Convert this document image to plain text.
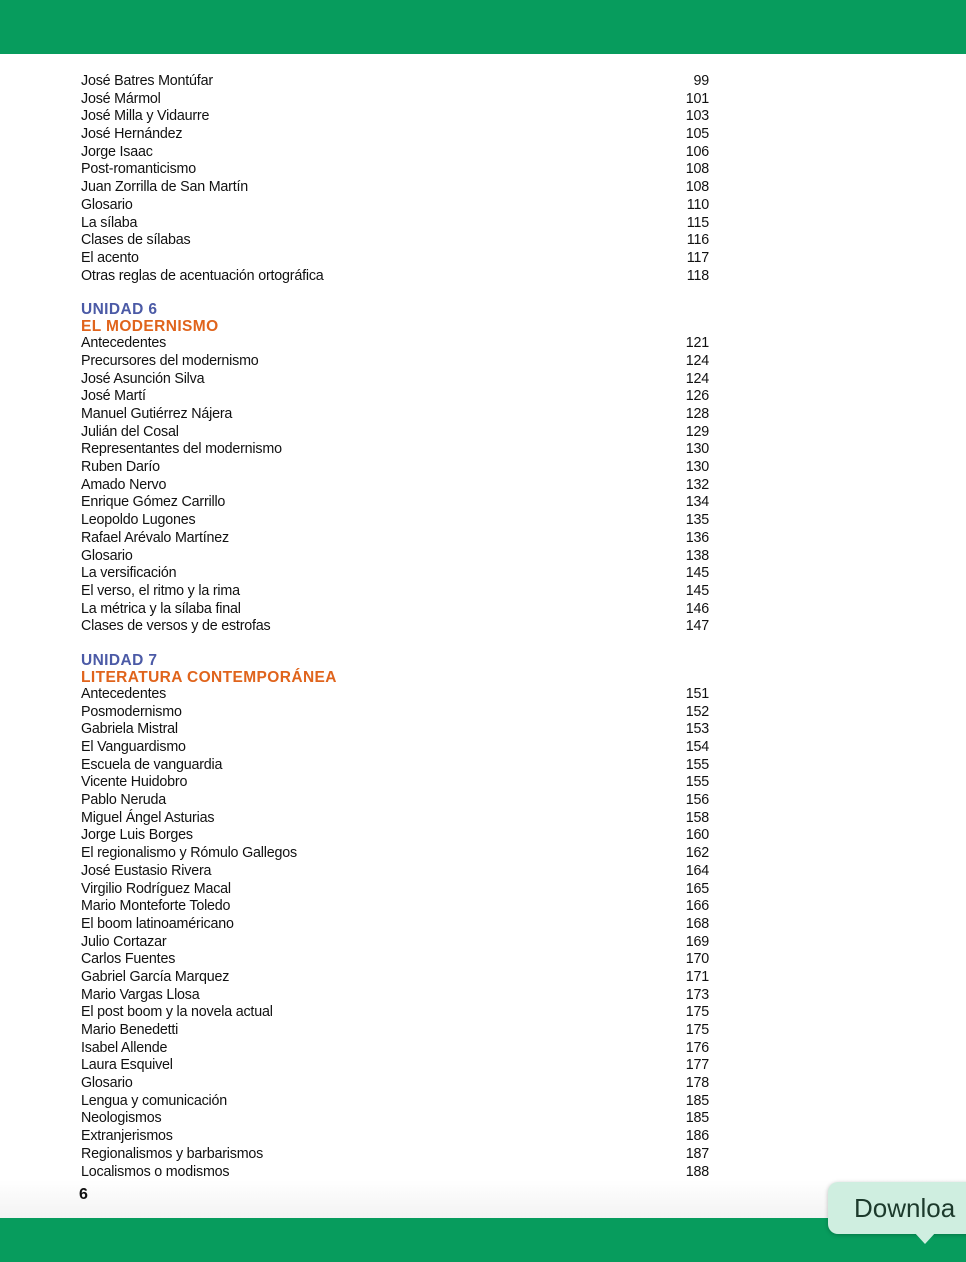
José Batres Montúfar	99
José Mármol	101
José Milla y Vidaurre	103
José Hernández	105
Jorge Isaac	106
Post-romanticismo	108
Juan Zorrilla de San Martín	108
Glosario	110
La sílaba	115
Clases de sílabas	116
El acento	117
Otras reglas de acentuación ortográfica	118
UNIDAD 6
EL MODERNISMO
Antecedentes	121
Precursores del modernismo	124
José Asunción Silva	124
José Martí	126
Manuel Gutiérrez Nájera	128
Julián del Cosal	129
Representantes del modernismo	130
Ruben Darío	130
Amado Nervo	132
Enrique Gómez Carrillo	134
Leopoldo Lugones	135
Rafael Arévalo Martínez	136
Glosario	138
La versificación	145
El verso, el ritmo y la rima	145
La métrica y la sílaba final	146
Clases de versos y de estrofas	147
UNIDAD 7
LITERATURA CONTEMPORÁNEA
Antecedentes	151
Posmodernismo	152
Gabriela Mistral	153
El Vanguardismo	154
Escuela de vanguardia	155
Vicente Huidobro	155
Pablo Neruda	156
Miguel Ángel Asturias	158
Jorge Luis Borges	160
El regionalismo y Rómulo Gallegos	162
José Eustasio Rivera	164
Virgilio Rodríguez Macal	165
Mario Monteforte Toledo	166
El boom latinoaméricano	168
Julio Cortazar	169
Carlos Fuentes	170
Gabriel García Marquez	171
Mario Vargas Llosa	173
El post boom y la novela actual	175
Mario Benedetti	175
Isabel Allende	176
Laura Esquivel	177
Glosario	178
Lengua y comunicación	185
Neologismos	185
Extranjerismos	186
Regionalismos y barbarismos	187
Localismos o modismos	188
6	Downloa
